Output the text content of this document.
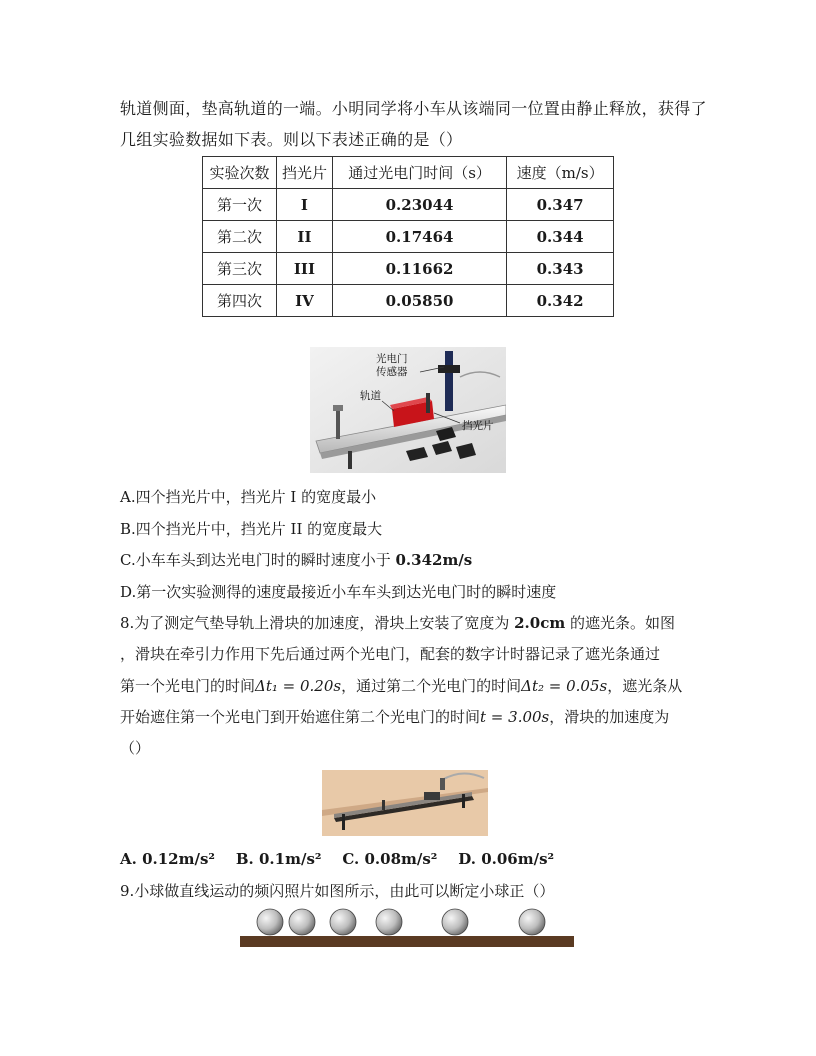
轨道侧面，垫高轨道的一端。小明同学将小车从该端同一位置由静止释放，获得了
几组实验数据如下表。则以下表述正确的是（）
实验次数	挡光片	通过光电门时间（s）	速度（m/s）
第一次	I	0.23044	0.347
第二次	II	0.17464	0.344
第三次	III	0.11662	0.343
第四次	IV	0.05850	0.342
光电门
传感器
轨道
挡光片
A.四个挡光片中，挡光片 I 的宽度最小
B.四个挡光片中，挡光片 II 的宽度最大
C.小车车头到达光电门时的瞬时速度小于 0.342m/s
D.第一次实验测得的速度最接近小车车头到达光电门时的瞬时速度
8.为了测定气垫导轨上滑块的加速度，滑块上安装了宽度为 2.0cm 的遮光条。如图
，滑块在牵引力作用下先后通过两个光电门，配套的数字计时器记录了遮光条通过
第一个光电门的时间Δt₁ = 0.20s，通过第二个光电门的时间Δt₂ = 0.05s，遮光条从
开始遮住第一个光电门到开始遮住第二个光电门的时间t = 3.00s，滑块的加速度为
（）
A. 0.12m/s² B. 0.1m/s² C. 0.08m/s² D. 0.06m/s²
9.小球做直线运动的频闪照片如图所示，由此可以断定小球正（）
